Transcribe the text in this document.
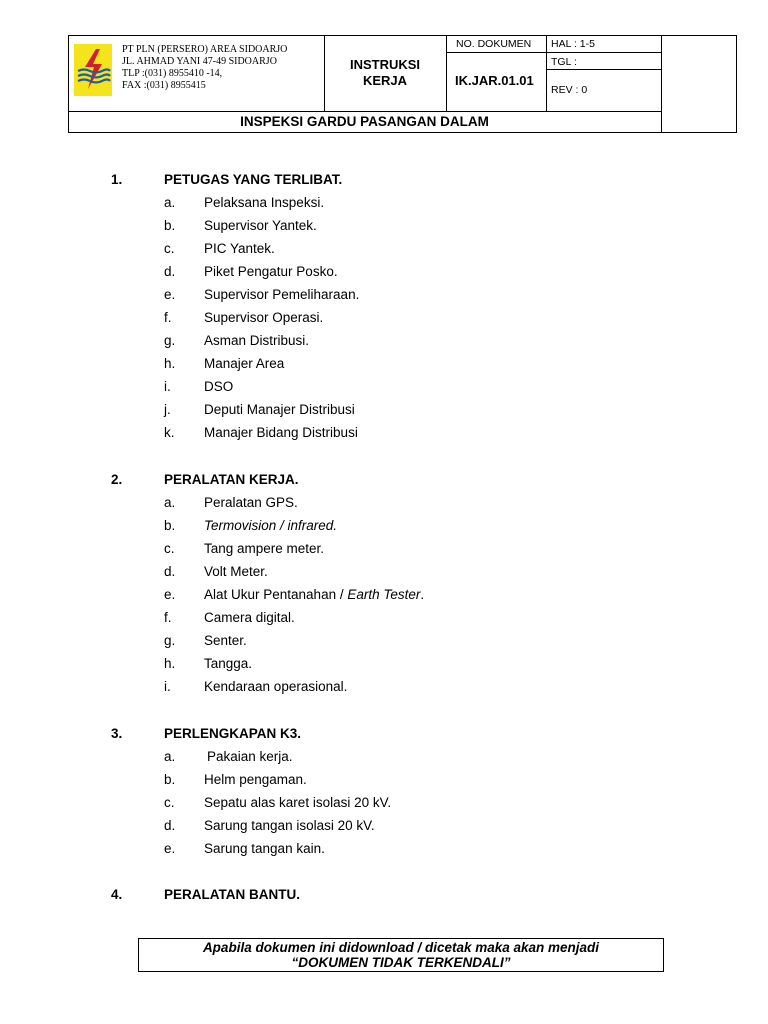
PT PLN (PERSERO) AREA SIDOARJO
JL. AHMAD YANI 47-49 SIDOARJO
TLP :(031) 8955410 -14,
FAX :(031) 8955415
INSTRUKSI
KERJA
NO. DOKUMEN
IK.JAR.01.01
HAL : 1-5
TGL :
REV : 0
INSPEKSI GARDU PASANGAN DALAM
1.	PETUGAS YANG TERLIBAT.
a. Pelaksana Inspeksi.
b. Supervisor Yantek.
c. PIC Yantek.
d. Piket Pengatur Posko.
e. Supervisor Pemeliharaan.
f. Supervisor Operasi.
g. Asman Distribusi.
h. Manajer Area
i. DSO
j. Deputi Manajer Distribusi
k. Manajer Bidang Distribusi
2.	PERALATAN KERJA.
a. Peralatan GPS.
b. Termovision / infrared.
c. Tang ampere meter.
d. Volt Meter.
e. Alat Ukur Pentanahan / Earth Tester.
f. Camera digital.
g. Senter.
h. Tangga.
i. Kendaraan operasional.
3.	PERLENGKAPAN K3.
a. Pakaian kerja.
b. Helm pengaman.
c. Sepatu alas karet isolasi 20 kV.
d. Sarung tangan isolasi 20 kV.
e. Sarung tangan kain.
4.	PERALATAN BANTU.
Apabila dokumen ini didownload / dicetak maka akan menjadi
“DOKUMEN TIDAK TERKENDALI”
